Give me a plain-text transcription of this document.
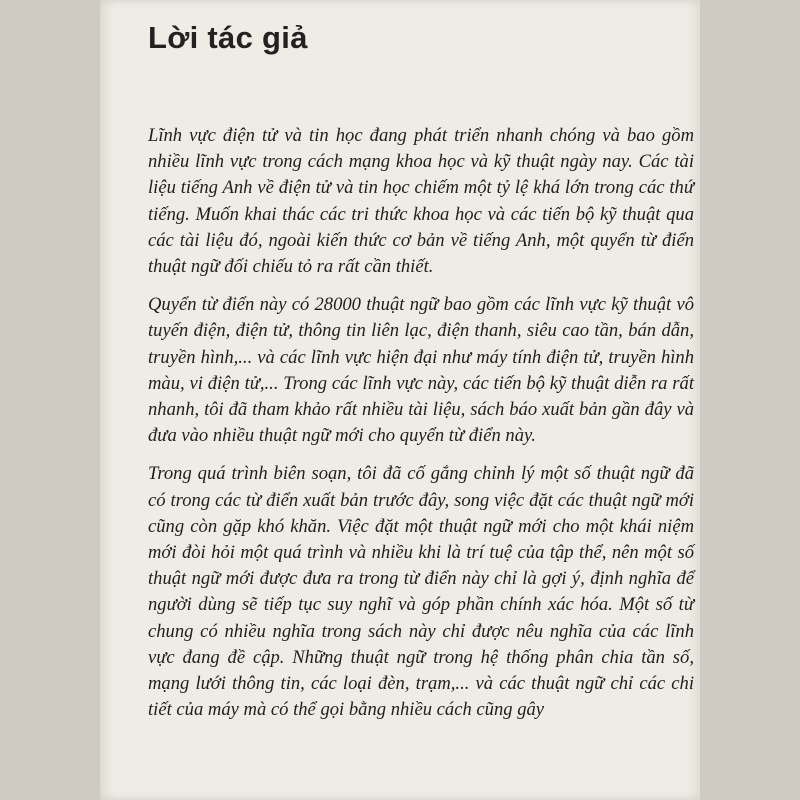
Lời tác giả

Lĩnh vực điện tử và tin học đang phát triển nhanh chóng và bao gồm nhiều lĩnh vực trong cách mạng khoa học và kỹ thuật ngày nay. Các tài liệu tiếng Anh về điện tử và tin học chiếm một tỷ lệ khá lớn trong các thứ tiếng. Muốn khai thác các tri thức khoa học và các tiến bộ kỹ thuật qua các tài liệu đó, ngoài kiến thức cơ bản về tiếng Anh, một quyển từ điển thuật ngữ đối chiếu tỏ ra rất cần thiết.

Quyển từ điển này có 28000 thuật ngữ bao gồm các lĩnh vực kỹ thuật vô tuyến điện, điện tử, thông tin liên lạc, điện thanh, siêu cao tần, bán dẫn, truyền hình,... và các lĩnh vực hiện đại như máy tính điện tử, truyền hình màu, vi điện tử,... Trong các lĩnh vực này, các tiến bộ kỹ thuật diễn ra rất nhanh, tôi đã tham khảo rất nhiều tài liệu, sách báo xuất bản gần đây và đưa vào nhiều thuật ngữ mới cho quyển từ điển này.

Trong quá trình biên soạn, tôi đã cố gắng chỉnh lý một số thuật ngữ đã có trong các từ điển xuất bản trước đây, song việc đặt các thuật ngữ mới cũng còn gặp khó khăn. Việc đặt một thuật ngữ mới cho một khái niệm mới đòi hỏi một quá trình và nhiều khi là trí tuệ của tập thể, nên một số thuật ngữ mới được đưa ra trong từ điển này chỉ là gợi ý, định nghĩa để người dùng sẽ tiếp tục suy nghĩ và góp phần chính xác hóa. Một số từ chung có nhiều nghĩa trong sách này chỉ được nêu nghĩa của các lĩnh vực đang đề cập. Những thuật ngữ trong hệ thống phân chia tần số, mạng lưới thông tin, các loại đèn, trạm,... và các thuật ngữ chỉ các chi tiết của máy mà có thể gọi bằng nhiều cách cũng gây
